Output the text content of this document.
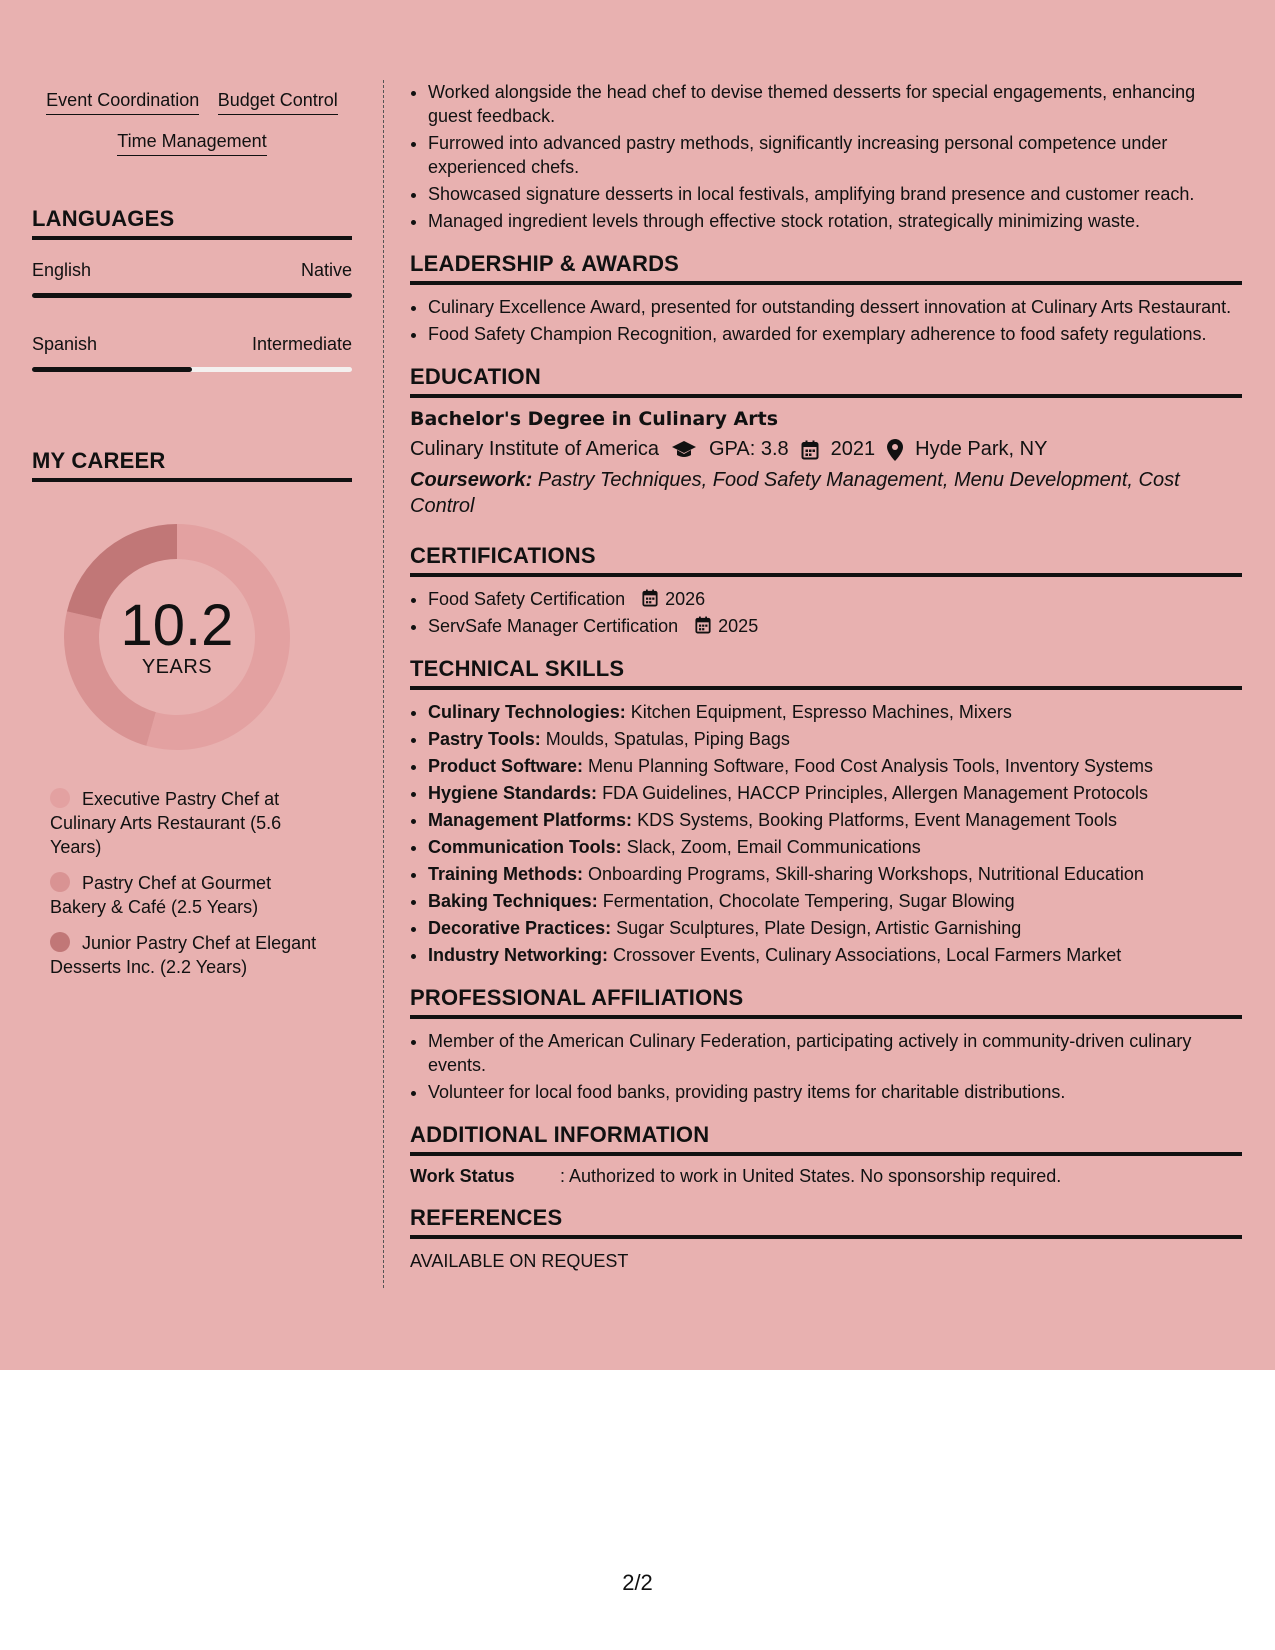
Event Coordination Budget Control
Time Management
LANGUAGES
English	Native
Spanish	Intermediate
MY CAREER
10.2
YEARS
Executive Pastry Chef at Culinary Arts Restaurant (5.6 Years)
Pastry Chef at Gourmet Bakery & Café (2.5 Years)
Junior Pastry Chef at Elegant Desserts Inc. (2.2 Years)
• Worked alongside the head chef to devise themed desserts for special engagements, enhancing guest feedback.
• Furrowed into advanced pastry methods, significantly increasing personal competence under experienced chefs.
• Showcased signature desserts in local festivals, amplifying brand presence and customer reach.
• Managed ingredient levels through effective stock rotation, strategically minimizing waste.
LEADERSHIP & AWARDS
• Culinary Excellence Award, presented for outstanding dessert innovation at Culinary Arts Restaurant.
• Food Safety Champion Recognition, awarded for exemplary adherence to food safety regulations.
EDUCATION
Bachelor's Degree in Culinary Arts
Culinary Institute of America	GPA: 3.8 2021 Hyde Park, NY
Coursework: Pastry Techniques, Food Safety Management, Menu Development, Cost Control
CERTIFICATIONS
• Food Safety Certification 2026
• ServSafe Manager Certification 2025
TECHNICAL SKILLS
• Culinary Technologies: Kitchen Equipment, Espresso Machines, Mixers
• Pastry Tools: Moulds, Spatulas, Piping Bags
• Product Software: Menu Planning Software, Food Cost Analysis Tools, Inventory Systems
• Hygiene Standards: FDA Guidelines, HACCP Principles, Allergen Management Protocols
• Management Platforms: KDS Systems, Booking Platforms, Event Management Tools
• Communication Tools: Slack, Zoom, Email Communications
• Training Methods: Onboarding Programs, Skill-sharing Workshops, Nutritional Education
• Baking Techniques: Fermentation, Chocolate Tempering, Sugar Blowing
• Decorative Practices: Sugar Sculptures, Plate Design, Artistic Garnishing
• Industry Networking: Crossover Events, Culinary Associations, Local Farmers Market
PROFESSIONAL AFFILIATIONS
• Member of the American Culinary Federation, participating actively in community-driven culinary events.
• Volunteer for local food banks, providing pastry items for charitable distributions.
ADDITIONAL INFORMATION
Work Status	: Authorized to work in United States. No sponsorship required.
REFERENCES
AVAILABLE ON REQUEST
2/2
